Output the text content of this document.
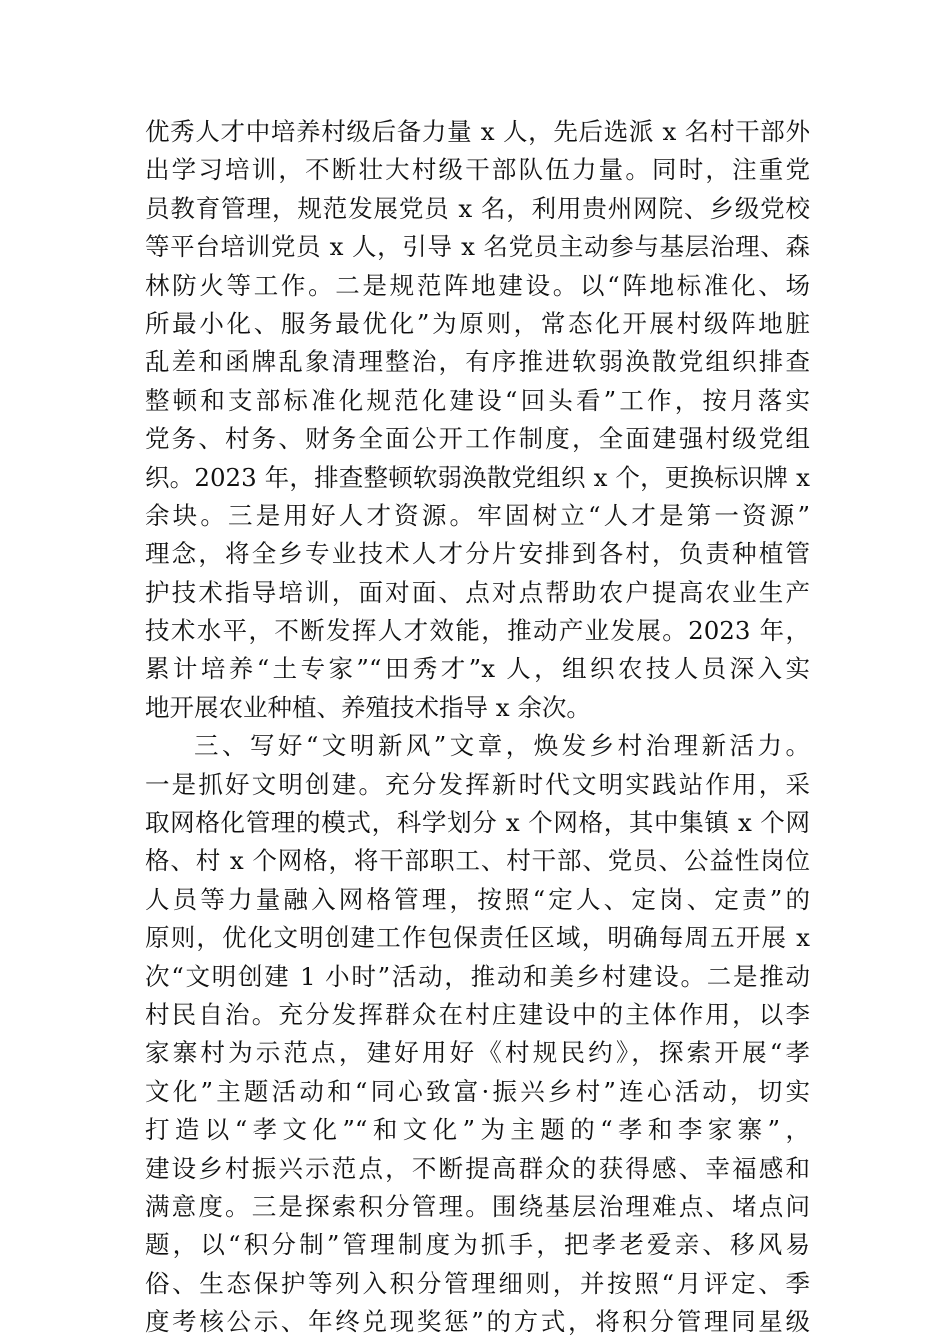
优秀人才中培养村级后备力量 x 人，先后选派 x 名村干部外
出学习培训，不断壮大村级干部队伍力量。同时，注重党
员教育管理，规范发展党员 x 名，利用贵州网院、乡级党校
等平台培训党员 x 人，引导 x 名党员主动参与基层治理、森
林防火等工作。二是规范阵地建设。以“阵地标准化、场
所最小化、服务最优化”为原则，常态化开展村级阵地脏
乱差和函牌乱象清理整治，有序推进软弱涣散党组织排查
整顿和支部标准化规范化建设“回头看”工作，按月落实
党务、村务、财务全面公开工作制度，全面建强村级党组
织。2023 年，排查整顿软弱涣散党组织 x 个，更换标识牌 x
余块。三是用好人才资源。牢固树立“人才是第一资源”
理念，将全乡专业技术人才分片安排到各村，负责种植管
护技术指导培训，面对面、点对点帮助农户提高农业生产
技术水平，不断发挥人才效能，推动产业发展。2023 年，
累计培养“土专家”“田秀才”x 人，组织农技人员深入实
地开展农业种植、养殖技术指导 x 余次。
三、写好“文明新风”文章，焕发乡村治理新活力。
一是抓好文明创建。充分发挥新时代文明实践站作用，采
取网格化管理的模式，科学划分 x 个网格，其中集镇 x 个网
格、村 x 个网格，将干部职工、村干部、党员、公益性岗位
人员等力量融入网格管理，按照“定人、定岗、定责”的
原则，优化文明创建工作包保责任区域，明确每周五开展 x
次“文明创建 1 小时”活动，推动和美乡村建设。二是推动
村民自治。充分发挥群众在村庄建设中的主体作用，以李
家寨村为示范点，建好用好《村规民约》，探索开展“孝
文化”主题活动和“同心致富·振兴乡村”连心活动，切实
打造以“孝文化”“和文化”为主题的“孝和李家寨”，
建设乡村振兴示范点，不断提高群众的获得感、幸福感和
满意度。三是探索积分管理。围绕基层治理难点、堵点问
题，以“积分制”管理制度为抓手，把孝老爱亲、移风易
俗、生态保护等列入积分管理细则，并按照“月评定、季
度考核公示、年终兑现奖惩”的方式，将积分管理同星级
